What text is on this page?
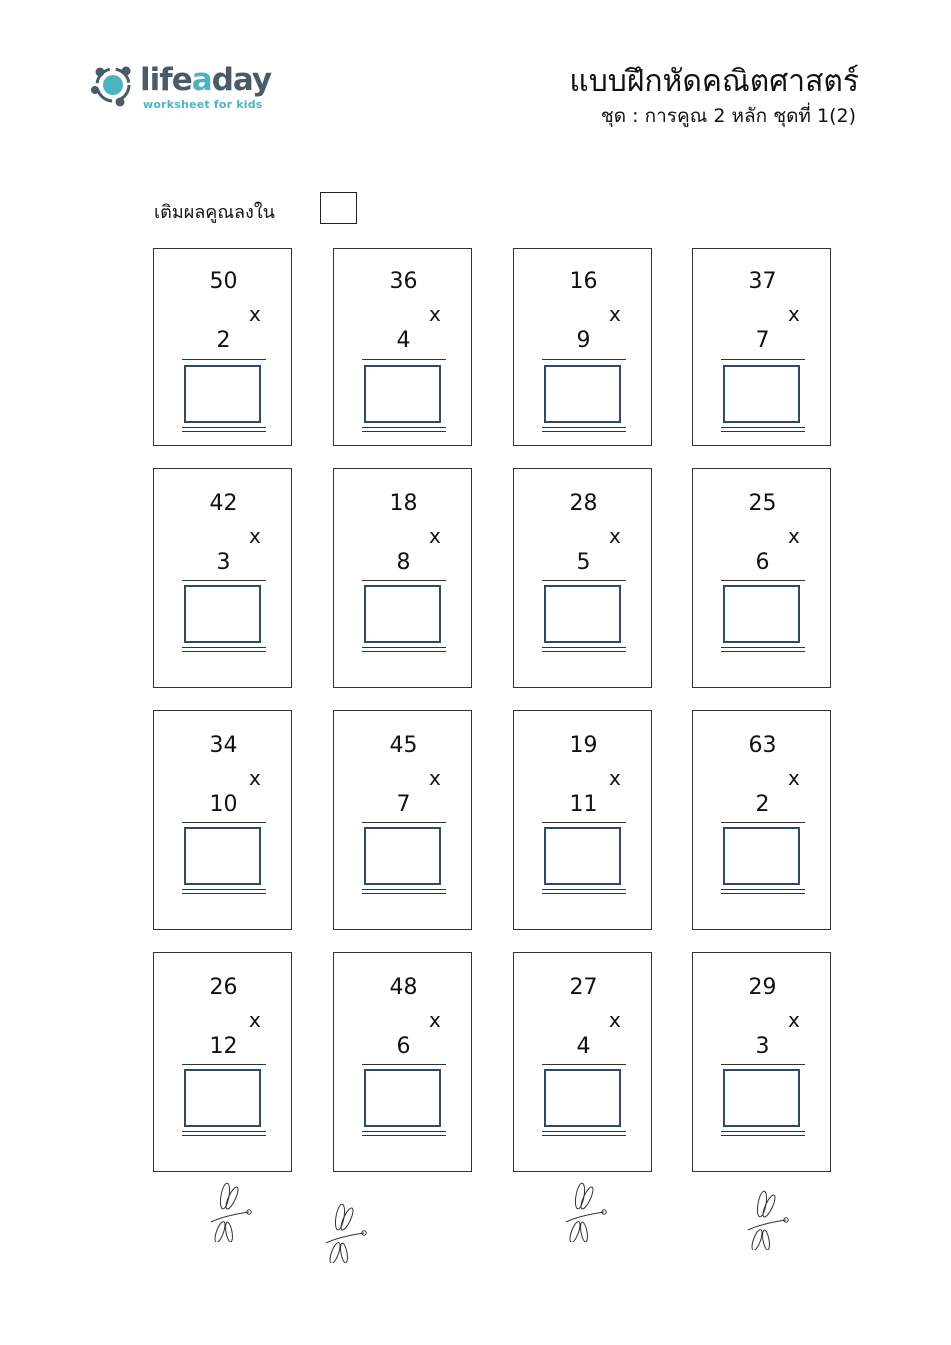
lifeaday
worksheet for kids
แบบฝึกหัดคณิตศาสตร์
ชุด : การคูณ 2 หลัก ชุดที่ 1(2)
เติมผลคูณลงใน
50
x
2
36
x
4
16
x
9
37
x
7
42
x
3
18
x
8
28
x
5
25
x
6
34
x
10
45
x
7
19
x
11
63
x
2
26
x
12
48
x
6
27
x
4
29
x
3
